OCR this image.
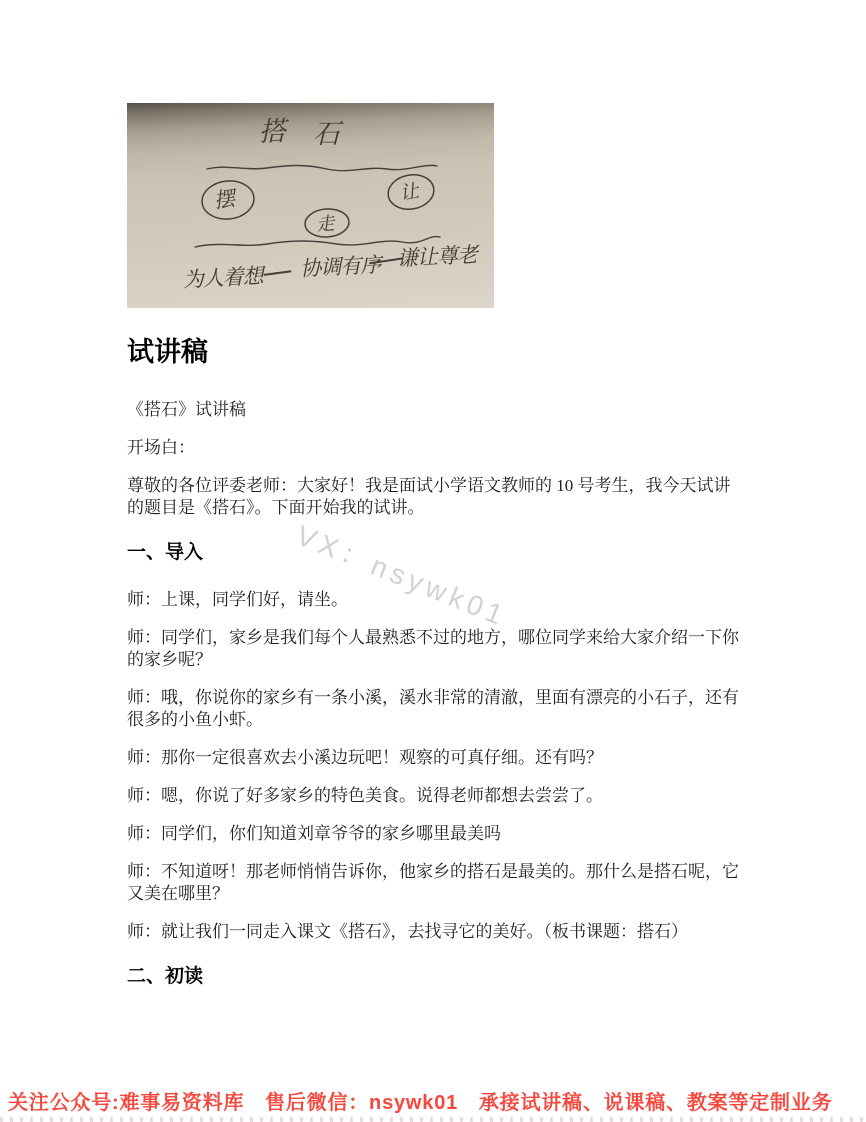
搭 石
摆
走
让
为人着想 协调有序 谦让尊老
试讲稿

《搭石》试讲稿

开场白：

尊敬的各位评委老师：大家好！我是面试小学语文教师的 10 号考生，我今天试讲的题目是《搭石》。下面开始我的试讲。

一、导入

师：上课，同学们好，请坐。

师：同学们，家乡是我们每个人最熟悉不过的地方，哪位同学来给大家介绍一下你的家乡呢？

师：哦，你说你的家乡有一条小溪，溪水非常的清澈，里面有漂亮的小石子，还有很多的小鱼小虾。

师：那你一定很喜欢去小溪边玩吧！观察的可真仔细。还有吗？

师：嗯，你说了好多家乡的特色美食。说得老师都想去尝尝了。

师：同学们，你们知道刘章爷爷的家乡哪里最美吗

师：不知道呀！那老师悄悄告诉你，他家乡的搭石是最美的。那什么是搭石呢，它又美在哪里？

师：就让我们一同走入课文《搭石》，去找寻它的美好。（板书课题：搭石）

二、初读
VX：nsywk01
关注公众号:难事易资料库　售后微信：nsywk01　承接试讲稿、说课稿、教案等定制业务
